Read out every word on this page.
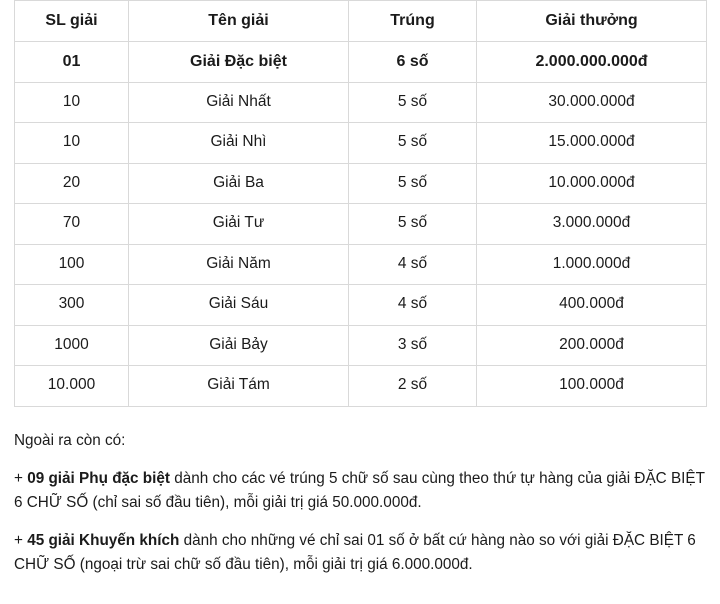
SL giải	Tên giải	Trúng	Giải thưởng
01	Giải Đặc biệt	6 số	2.000.000.000đ
10	Giải Nhất	5 số	30.000.000đ
10	Giải Nhì	5 số	15.000.000đ
20	Giải Ba	5 số	10.000.000đ
70	Giải Tư	5 số	3.000.000đ
100	Giải Năm	4 số	1.000.000đ
300	Giải Sáu	4 số	400.000đ
1000	Giải Bảy	3 số	200.000đ
10.000	Giải Tám	2 số	100.000đ

Ngoài ra còn có:

+ 09 giải Phụ đặc biệt dành cho các vé trúng 5 chữ số sau cùng theo thứ tự hàng của giải ĐẶC BIỆT 6 CHỮ SỐ (chỉ sai số đầu tiên), mỗi giải trị giá 50.000.000đ.

+ 45 giải Khuyến khích dành cho những vé chỉ sai 01 số ở bất cứ hàng nào so với giải ĐẶC BIỆT 6 CHỮ SỐ (ngoại trừ sai chữ số đầu tiên), mỗi giải trị giá 6.000.000đ.
